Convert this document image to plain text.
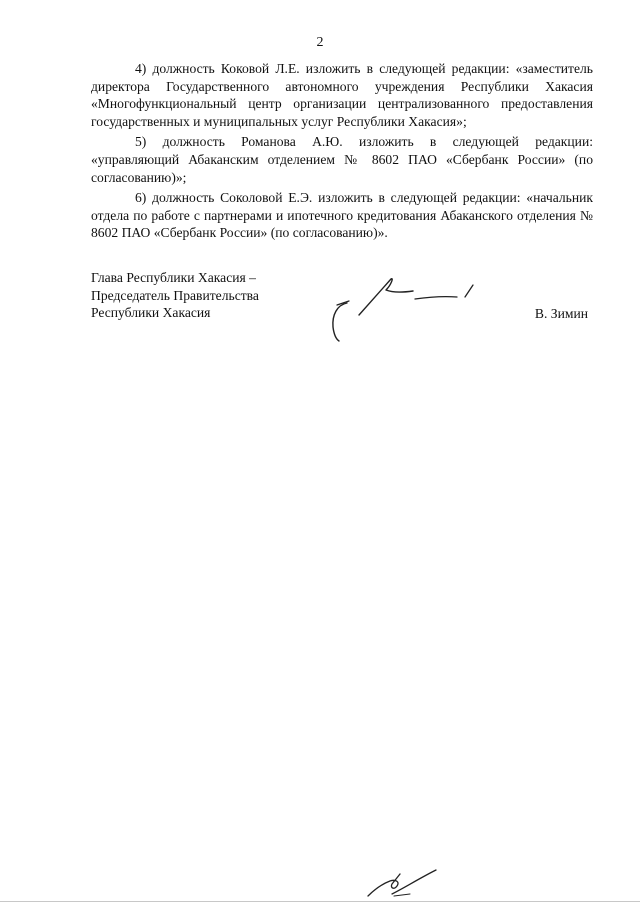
2

4) должность Коковой Л.Е. изложить в следующей редакции: «заместитель директора Государственного автономного учреждения Республики Хакасия «Многофункциональный центр организации централизованного предоставления государственных и муниципальных услуг Республики Хакасия»;

5) должность Романова А.Ю. изложить в следующей редакции: «управляющий Абаканским отделением № 8602 ПАО «Сбербанк России» (по согласованию)»;

6) должность Соколовой Е.Э. изложить в следующей редакции: «начальник отдела по работе с партнерами и ипотечного кредитования Абаканского отделения № 8602 ПАО «Сбербанк России» (по согласованию)».

Глава Республики Хакасия –
Председатель Правительства
Республики Хакасия	В. Зимин
